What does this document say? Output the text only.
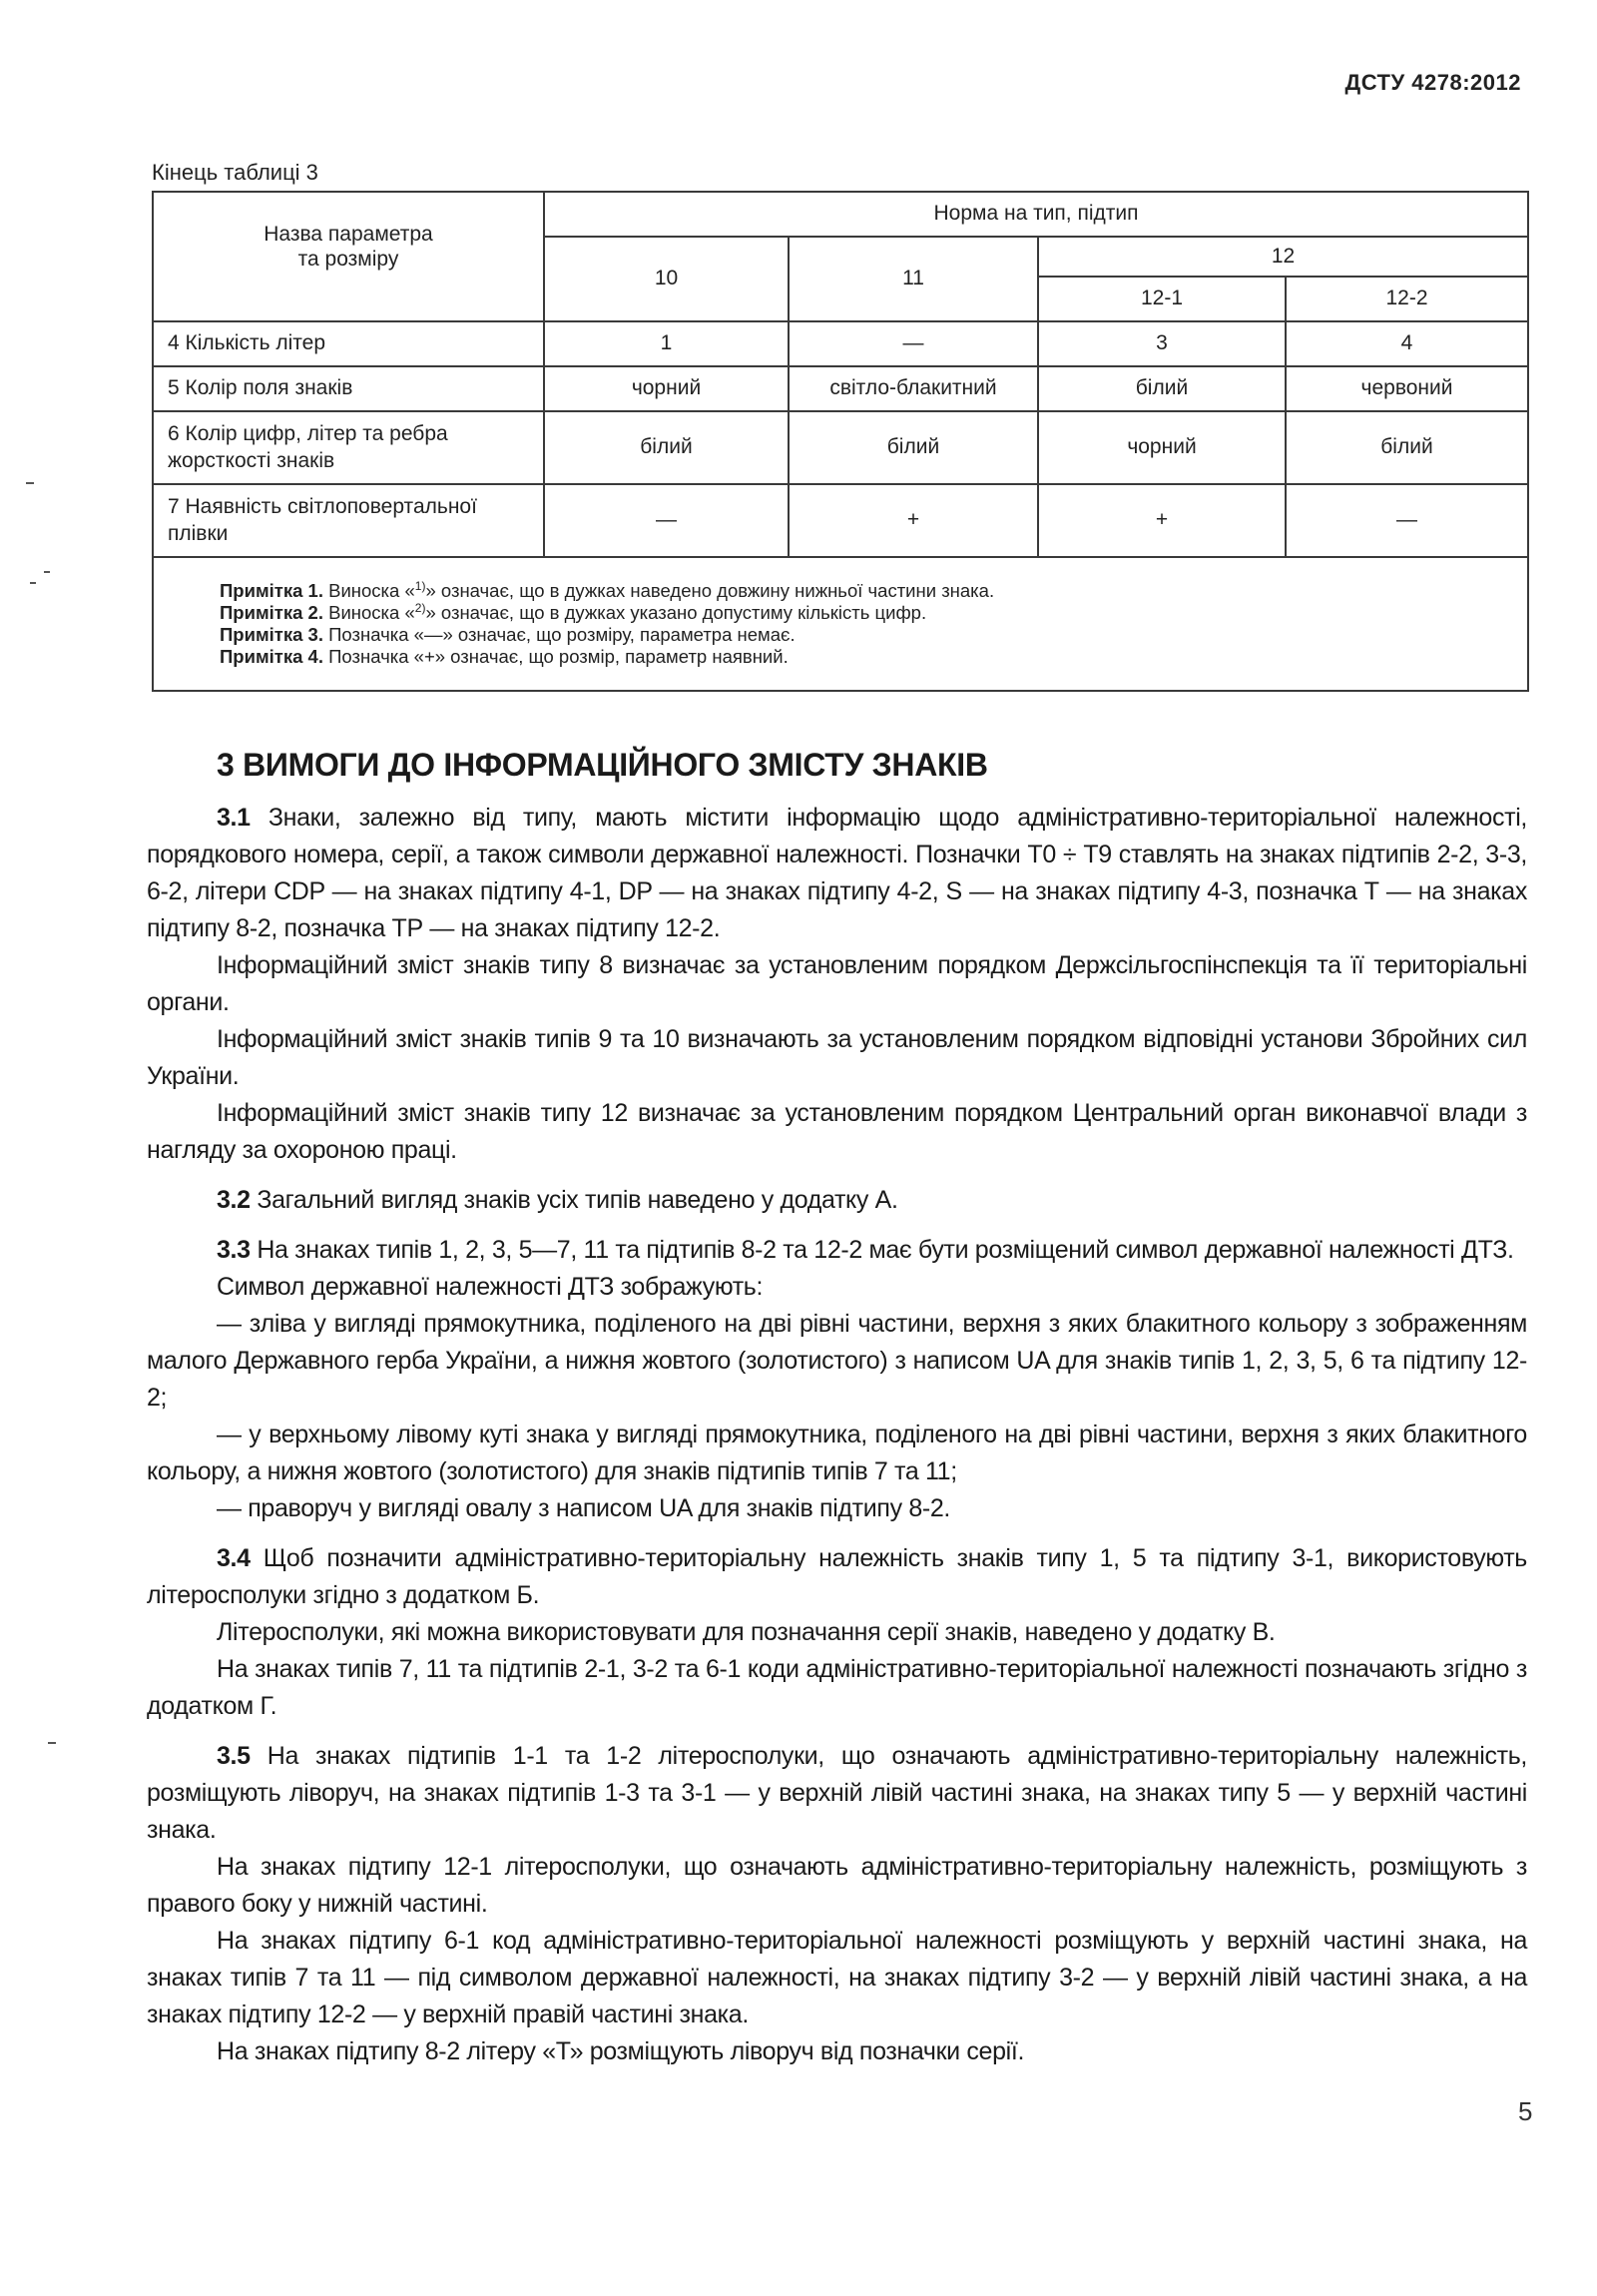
ДСТУ 4278:2012
Кінець таблиці 3
Назва параметра
та розміру	Норма на тип, підтип			
	10	11	12	
			12-1	12-2
4 Кількість літер	1	—	3	4
5 Колір поля знаків	чорний	світло-блакитний	білий	червоний
6 Колір цифр, літер та ребра жорсткості знаків	білий	білий	чорний	білий
7 Наявність світлоповертальної плівки	—	+	+	—

Примітка 1. Виноска «$^{1)}$» означає, що в дужках наведено довжину нижньої частини знака.
Примітка 2. Виноска «$^{2)}$» означає, що в дужках указано допустиму кількість цифр.
Примітка 3. Позначка «—» означає, що розміру, параметра немає.
Примітка 4. Позначка «+» означає, що розмір, параметр наявний.				
3 ВИМОГИ ДО ІНФОРМАЦІЙНОГО ЗМІСТУ ЗНАКІВ

3.1 Знаки, залежно від типу, мають містити інформацію щодо адміністративно-територіальної належності, порядкового номера, серії, а також символи державної належності. Позначки Т0 ÷ Т9 ставлять на знаках підтипів 2-2, 3-3, 6-2, літери CDP — на знаках підтипу 4-1, DP — на знаках підтипу 4-2, S — на знаках підтипу 4-3, позначка Т — на знаках підтипу 8-2, позначка ТР — на знаках підтипу 12-2.

Інформаційний зміст знаків типу 8 визначає за установленим порядком Держсільгоспінспекція та її територіальні органи.

Інформаційний зміст знаків типів 9 та 10 визначають за установленим порядком відповідні установи Збройних сил України.

Інформаційний зміст знаків типу 12 визначає за установленим порядком Центральний орган виконавчої влади з нагляду за охороною праці.

3.2 Загальний вигляд знаків усіх типів наведено у додатку А.

3.3 На знаках типів 1, 2, 3, 5—7, 11 та підтипів 8-2 та 12-2 має бути розміщений символ державної належності ДТЗ.

Символ державної належності ДТЗ зображують:

— зліва у вигляді прямокутника, поділеного на дві рівні частини, верхня з яких блакитного кольору з зображенням малого Державного герба України, а нижня жовтого (золотистого) з написом UA для знаків типів 1, 2, 3, 5, 6 та підтипу 12-2;

— у верхньому лівому куті знака у вигляді прямокутника, поділеного на дві рівні частини, верхня з яких блакитного кольору, а нижня жовтого (золотистого) для знаків підтипів типів 7 та 11;

— праворуч у вигляді овалу з написом UA для знаків підтипу 8-2.

3.4 Щоб позначити адміністративно-територіальну належність знаків типу 1, 5 та підтипу 3-1, використовують літеросполуки згідно з додатком Б.

Літеросполуки, які можна використовувати для позначання серії знаків, наведено у додатку В.

На знаках типів 7, 11 та підтипів 2-1, 3-2 та 6-1 коди адміністративно-територіальної належності позначають згідно з додатком Г.

3.5 На знаках підтипів 1-1 та 1-2 літеросполуки, що означають адміністративно-територіальну належність, розміщують ліворуч, на знаках підтипів 1-3 та 3-1 — у верхній лівій частині знака, на знаках типу 5 — у верхній частині знака.

На знаках підтипу 12-1 літеросполуки, що означають адміністративно-територіальну належність, розміщують з правого боку у нижній частині.

На знаках підтипу 6-1 код адміністративно-територіальної належності розміщують у верхній частині знака, на знаках типів 7 та 11 — під символом державної належності, на знаках підтипу 3-2 — у верхній лівій частині знака, а на знаках підтипу 12-2 — у верхній правій частині знака.

На знаках підтипу 8-2 літеру «Т» розміщують ліворуч від позначки серії.

5
